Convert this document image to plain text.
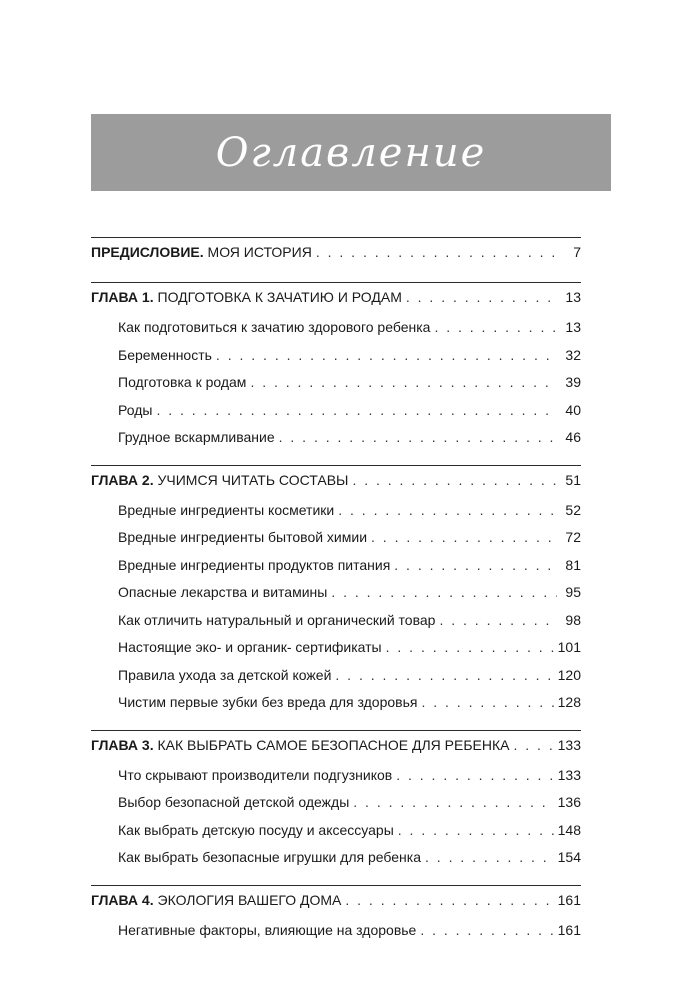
Оглавление
ПРЕДИСЛОВИЕ. МОЯ ИСТОРИЯ . . .	7
ГЛАВА 1. ПОДГОТОВКА К ЗАЧАТИЮ И РОДАМ . . .	13
Как подготовиться к зачатию здорового ребенка . . .	13
Беременность . . .	32
Подготовка к родам . . .	39
Роды . . .	40
Грудное вскармливание . . .	46
ГЛАВА 2. УЧИМСЯ ЧИТАТЬ СОСТАВЫ . . .	51
Вредные ингредиенты косметики . . .	52
Вредные ингредиенты бытовой химии . . .	72
Вредные ингредиенты продуктов питания . . .	81
Опасные лекарства и витамины . . .	95
Как отличить натуральный и органический товар . . .	98
Настоящие эко- и органик- сертификаты . . .	101
Правила ухода за детской кожей . . .	120
Чистим первые зубки без вреда для здоровья . . .	128
ГЛАВА 3. КАК ВЫБРАТЬ САМОЕ БЕЗОПАСНОЕ ДЛЯ РЕБЕНКА . . .	133
Что скрывают производители подгузников . . .	133
Выбор безопасной детской одежды . . .	136
Как выбрать детскую посуду и аксессуары . . .	148
Как выбрать безопасные игрушки для ребенка . . .	154
ГЛАВА 4. ЭКОЛОГИЯ ВАШЕГО ДОМА . . .	161
Негативные факторы, влияющие на здоровье . . .	161
